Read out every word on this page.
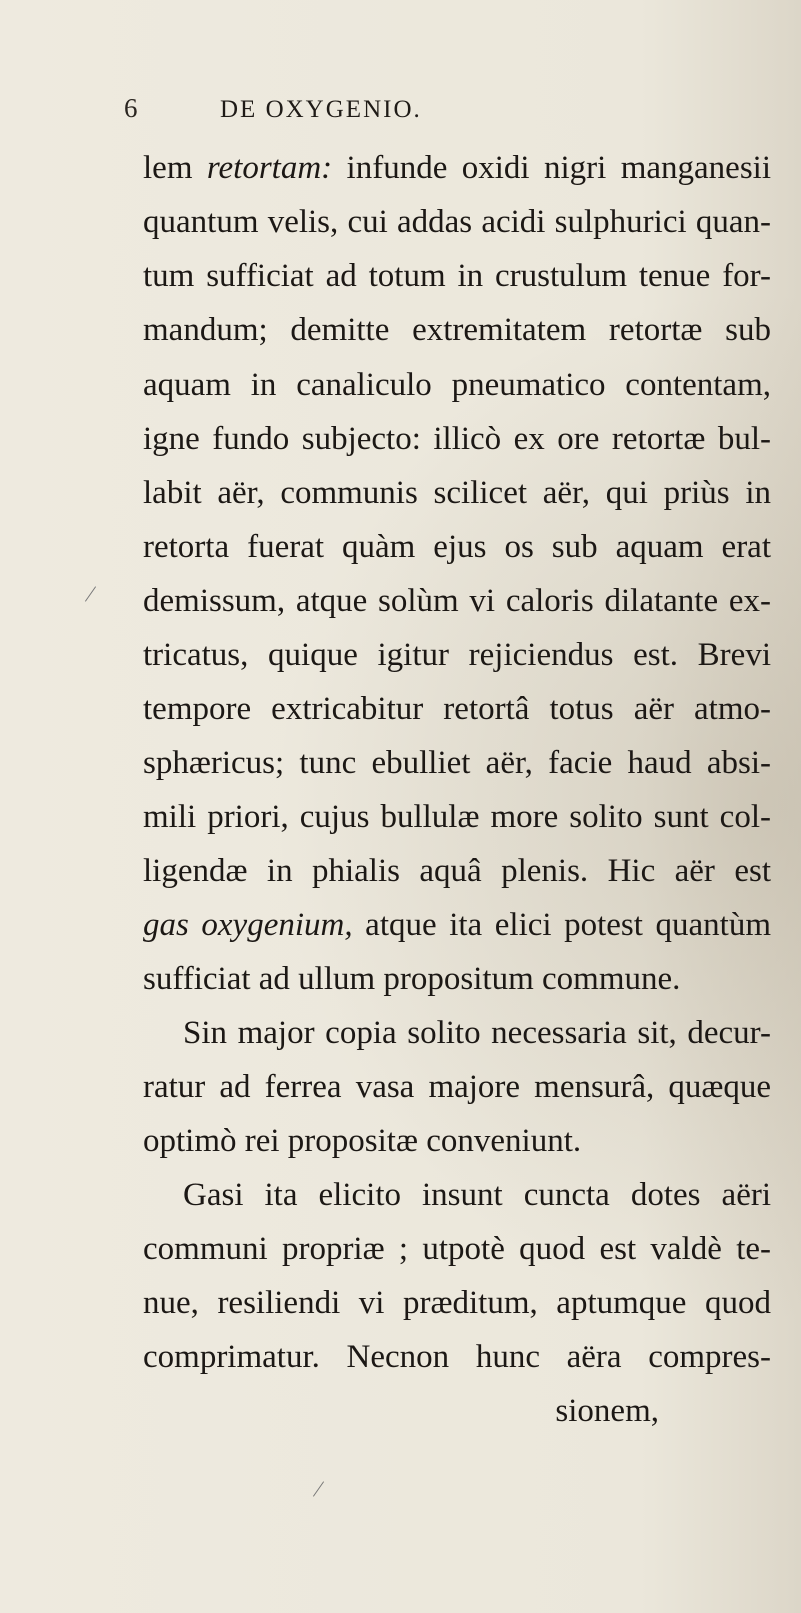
6	DE OXYGENIO.
lem retortam: infunde oxidi nigri manganesii
quantum velis, cui addas acidi sulphurici quan-
tum sufficiat ad totum in crustulum tenue for-
mandum; demitte extremitatem retortæ sub
aquam in canaliculo pneumatico contentam,
igne fundo subjecto: illicò ex ore retortæ bul-
labit aër, communis scilicet aër, qui priùs in
retorta fuerat quàm ejus os sub aquam erat
demissum, atque solùm vi caloris dilatante ex-
tricatus, quique igitur rejiciendus est. Brevi
tempore extricabitur retortâ totus aër atmo-
sphæricus; tunc ebulliet aër, facie haud absi-
mili priori, cujus bullulæ more solito sunt col-
ligendæ in phialis aquâ plenis. Hic aër est
gas oxygenium, atque ita elici potest quantùm
sufficiat ad ullum propositum commune.
Sin major copia solito necessaria sit, decur-
ratur ad ferrea vasa majore mensurâ, quæque
optimò rei propositæ conveniunt.
Gasi ita elicito insunt cuncta dotes aëri
communi propriæ ; utpotè quod est valdè te-
nue, resiliendi vi præditum, aptumque quod
comprimatur. Necnon hunc aëra compres-
sionem,
